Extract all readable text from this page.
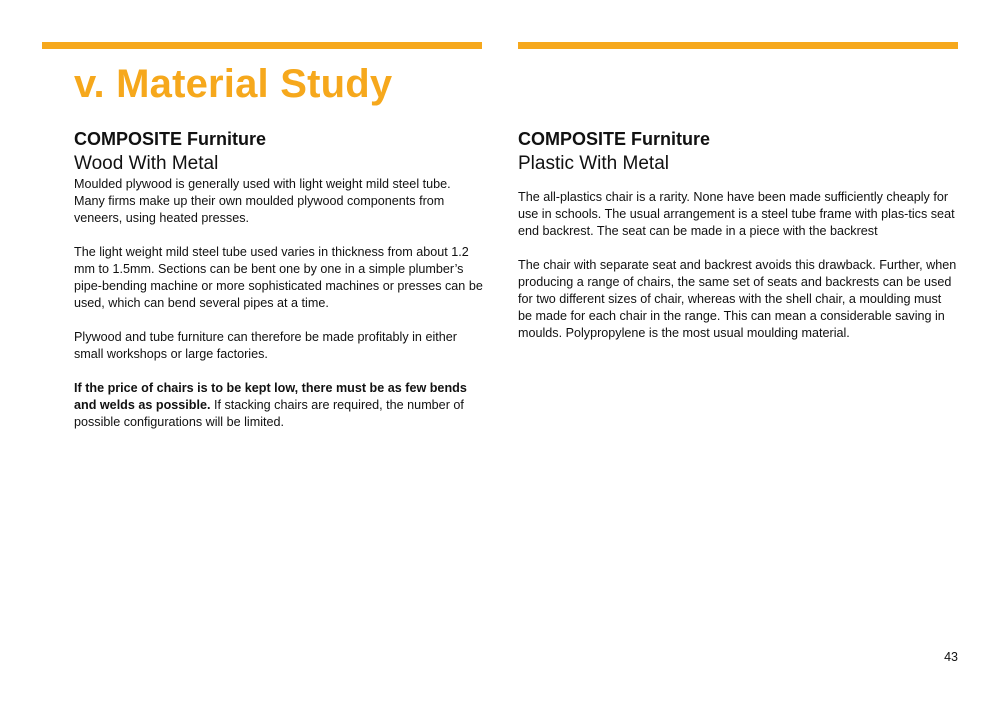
v. Material Study
COMPOSITE Furniture
Wood With Metal

Moulded plywood is generally used with light weight mild steel tube. Many firms make up their own moulded plywood components from veneers, using heated presses.

The light weight mild steel tube used varies in thickness from about 1.2 mm to 1.5mm. Sections can be bent one by one in a simple plumber’s pipe-bending machine or more sophisticated machines or presses can be used, which can bend several pipes at a time.

Plywood and tube furniture can therefore be made profitably in either small workshops or large factories.

If the price of chairs is to be kept low, there must be as few bends and welds as possible. If stacking chairs are required, the number of possible configurations will be limited.

COMPOSITE Furniture
Plastic With Metal

The all-plastics chair is a rarity. None have been made sufficiently cheaply for use in schools. The usual arrangement is a steel tube frame with plas-tics seat end backrest. The seat can be made in a piece with the backrest

The chair with separate seat and backrest avoids this drawback. Further, when producing a range of chairs, the same set of seats and backrests can be used for two different sizes of chair, whereas with the shell chair, a moulding must be made for each chair in the range. This can mean a considerable saving in moulds. Polypropylene is the most usual moulding material.

43
